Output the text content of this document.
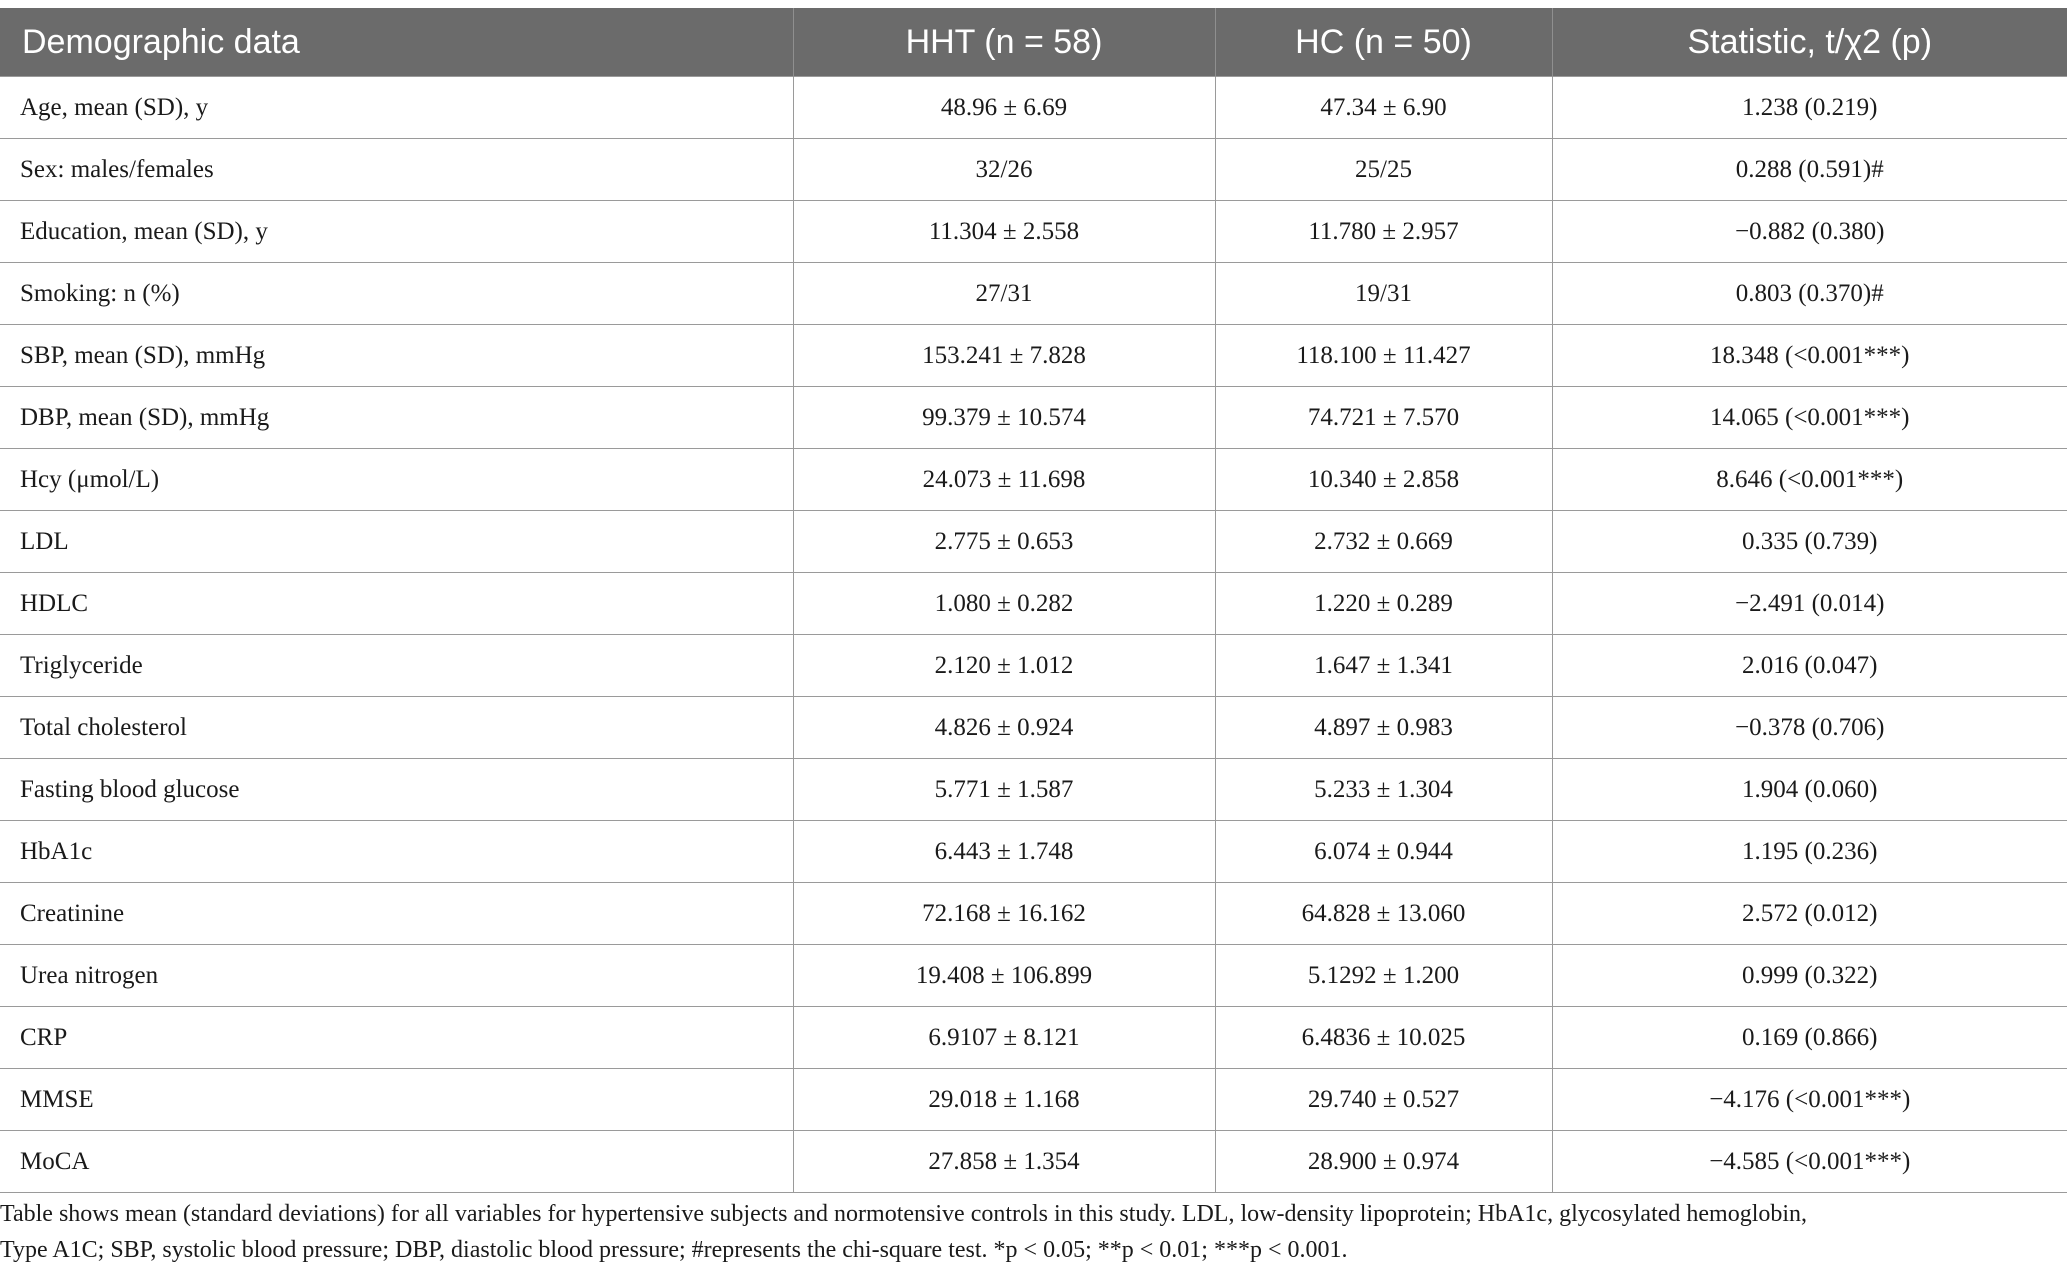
Demographic data	HHT (n = 58)	HC (n = 50)	Statistic, t/χ2 (p)
Age, mean (SD), y	48.96 ± 6.69	47.34 ± 6.90	1.238 (0.219)
Sex: males/females	32/26	25/25	0.288 (0.591)#
Education, mean (SD), y	11.304 ± 2.558	11.780 ± 2.957	−0.882 (0.380)
Smoking: n (%)	27/31	19/31	0.803 (0.370)#
SBP, mean (SD), mmHg	153.241 ± 7.828	118.100 ± 11.427	18.348 (<0.001***)
DBP, mean (SD), mmHg	99.379 ± 10.574	74.721 ± 7.570	14.065 (<0.001***)
Hcy (μmol/L)	24.073 ± 11.698	10.340 ± 2.858	8.646 (<0.001***)
LDL	2.775 ± 0.653	2.732 ± 0.669	0.335 (0.739)
HDLC	1.080 ± 0.282	1.220 ± 0.289	−2.491 (0.014)
Triglyceride	2.120 ± 1.012	1.647 ± 1.341	2.016 (0.047)
Total cholesterol	4.826 ± 0.924	4.897 ± 0.983	−0.378 (0.706)
Fasting blood glucose	5.771 ± 1.587	5.233 ± 1.304	1.904 (0.060)
HbA1c	6.443 ± 1.748	6.074 ± 0.944	1.195 (0.236)
Creatinine	72.168 ± 16.162	64.828 ± 13.060	2.572 (0.012)
Urea nitrogen	19.408 ± 106.899	5.1292 ± 1.200	0.999 (0.322)
CRP	6.9107 ± 8.121	6.4836 ± 10.025	0.169 (0.866)
MMSE	29.018 ± 1.168	29.740 ± 0.527	−4.176 (<0.001***)
MoCA	27.858 ± 1.354	28.900 ± 0.974	−4.585 (<0.001***)
Table shows mean (standard deviations) for all variables for hypertensive subjects and normotensive controls in this study. LDL, low-density lipoprotein; HbA1c, glycosylated hemoglobin,
Type A1C; SBP, systolic blood pressure; DBP, diastolic blood pressure; #represents the chi-square test. *p < 0.05; **p < 0.01; ***p < 0.001.
